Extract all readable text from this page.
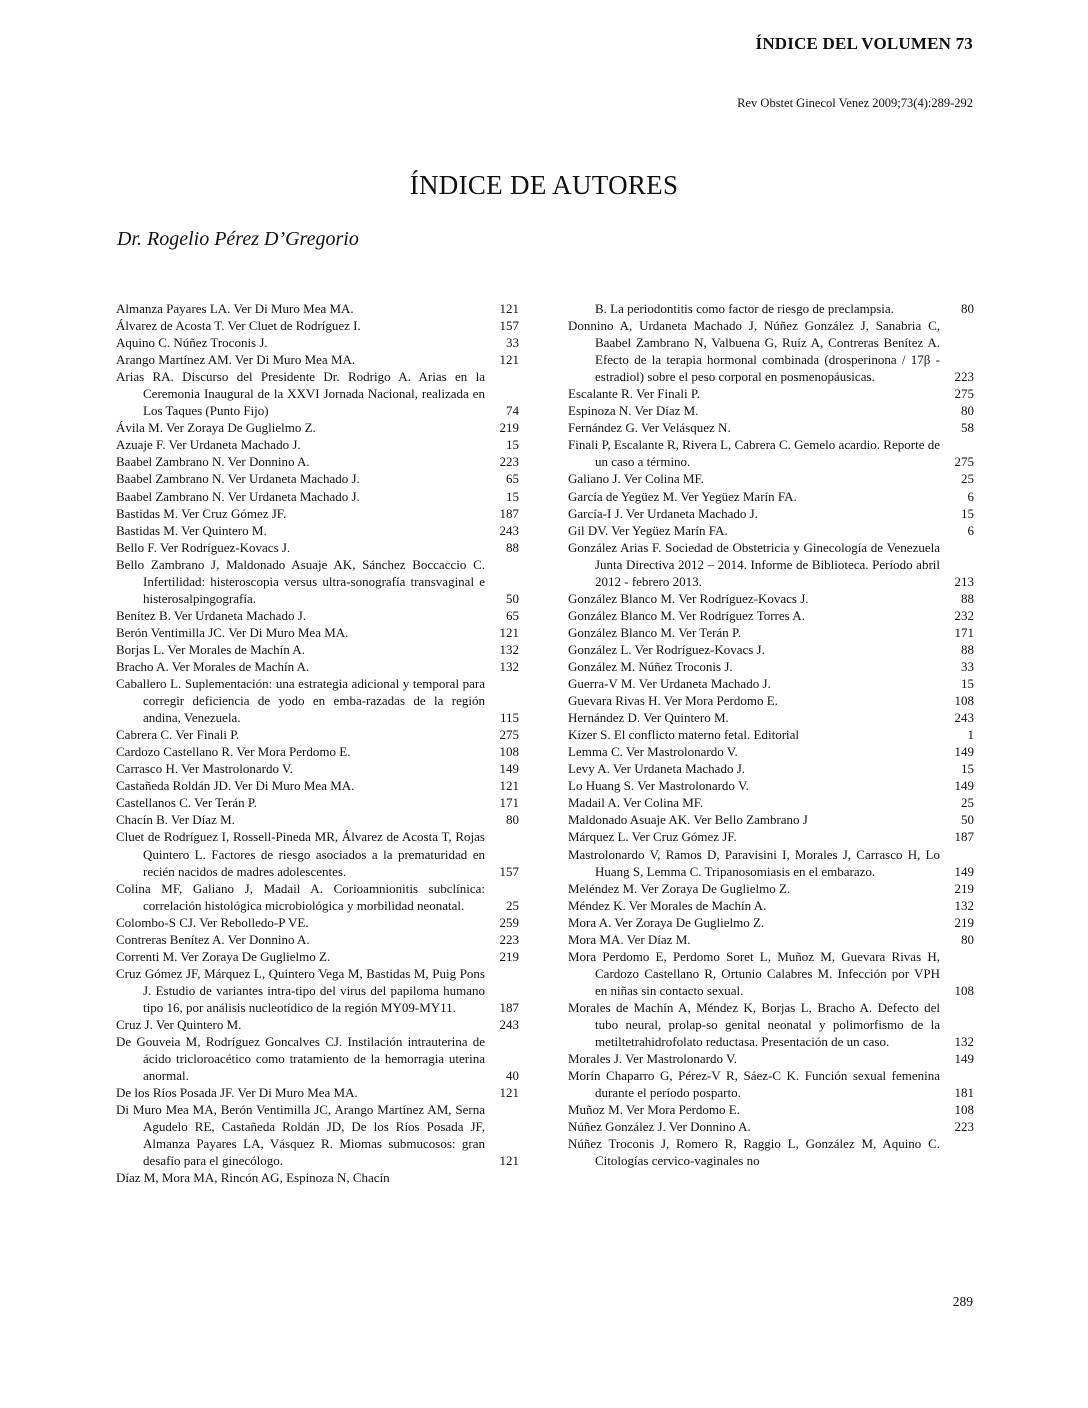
ÍNDICE DEL VOLUMEN 73
Rev Obstet Ginecol Venez 2009;73(4):289-292
ÍNDICE DE AUTORES
Dr. Rogelio Pérez D’Gregorio
Almanza Payares LA. Ver Di Muro Mea MA.	121
Álvarez de Acosta T. Ver Cluet de Rodríguez I.	157
Aquino C. Núñez Troconis J.	33
Arango Martínez AM. Ver Di Muro Mea MA.	121
Arias RA. Discurso del Presidente Dr. Rodrigo A. Arias en la Ceremonia Inaugural de la XXVI Jornada Nacional, realizada en Los Taques (Punto Fijo)	74
Ávila M. Ver Zoraya De Guglielmo Z.	219
Azuaje F. Ver Urdaneta Machado J.	15
Baabel Zambrano N. Ver Donnino A.	223
Baabel Zambrano N. Ver Urdaneta Machado J.	65
Baabel Zambrano N. Ver Urdaneta Machado J.	15
Bastidas M. Ver Cruz Gómez JF.	187
Bastidas M. Ver Quintero M.	243
Bello F. Ver Rodríguez-Kovacs J.	88
Bello Zambrano J, Maldonado Asuaje AK, Sánchez Boccaccio C. Infertilidad: histeroscopia versus ultra-sonografía transvaginal e histerosalpingografía.	50
Benítez B. Ver Urdaneta Machado J.	65
Berón Ventimilla JC. Ver Di Muro Mea MA.	121
Borjas L. Ver Morales de Machín A.	132
Bracho A. Ver Morales de Machín A.	132
Caballero L. Suplementación: una estrategia adicional y temporal para corregir deficiencia de yodo en emba-razadas de la región andina, Venezuela.	115
Cabrera C. Ver Finali P.	275
Cardozo Castellano R. Ver Mora Perdomo E.	108
Carrasco H. Ver Mastrolonardo V.	149
Castañeda Roldán JD. Ver Di Muro Mea MA.	121
Castellanos C. Ver Terán P.	171
Chacín B. Ver Díaz M.	80
Cluet de Rodríguez I, Rossell-Pineda MR, Álvarez de Acosta T, Rojas Quintero L. Factores de riesgo asociados a la prematuridad en recién nacidos de madres adolescentes.	157
Colina MF, Galiano J, Madail A. Corioamnionitis subclínica: correlación histológica microbiológica y morbilidad neonatal.	25
Colombo-S CJ. Ver Rebolledo-P VE.	259
Contreras Benítez A. Ver Donnino A.	223
Correnti M. Ver Zoraya De Guglielmo Z.	219
Cruz Gómez JF, Márquez L, Quintero Vega M, Bastidas M, Puig Pons J. Estudio de variantes intra-tipo del virus del papiloma humano tipo 16, por análisis nucleotídico de la región MY09-MY11.	187
Cruz J. Ver Quintero M.	243
De Gouveia M, Rodríguez Goncalves CJ. Instilación intrauterina de ácido tricloroacético como tratamiento de la hemorragia uterina anormal.	40
De los Ríos Posada JF. Ver Di Muro Mea MA.	121
Di Muro Mea MA, Berón Ventimilla JC, Arango Martínez AM, Serna Agudelo RE, Castañeda Roldán JD, De los Ríos Posada JF, Almanza Payares LA, Vásquez R. Miomas submucosos: gran desafío para el ginecólogo.	121
Díaz M, Mora MA, Rincón AG, Espinoza N, Chacín
B. La periodontitis como factor de riesgo de preclampsia.	80
Donnino A, Urdaneta Machado J, Núñez González J, Sanabria C, Baabel Zambrano N, Valbuena G, Ruíz A, Contreras Benítez A. Efecto de la terapia hormonal combinada (drosperinona / 17β -estradiol) sobre el peso corporal en posmenopáusicas.	223
Escalante R. Ver Finali P.	275
Espinoza N. Ver Díaz M.	80
Fernández G. Ver Velásquez N.	58
Finali P, Escalante R, Rivera L, Cabrera C. Gemelo acardio. Reporte de un caso a término.	275
Galiano J. Ver Colina MF.	25
García de Yegüez M. Ver Yegüez Marín FA.	6
García-I J. Ver Urdaneta Machado J.	15
Gil DV. Ver Yegüez Marín FA.	6
González Arias F. Sociedad de Obstetricia y Ginecología de Venezuela Junta Directiva 2012 – 2014. Informe de Biblioteca. Período abril 2012 - febrero 2013.	213
González Blanco M. Ver Rodríguez-Kovacs J.	88
González Blanco M. Ver Rodríguez Torres A.	232
González Blanco M. Ver Terán P.	171
González L. Ver Rodríguez-Kovacs J.	88
González M. Núñez Troconis J.	33
Guerra-V M. Ver Urdaneta Machado J.	15
Guevara Rivas H. Ver Mora Perdomo E.	108
Hernández D. Ver Quintero M.	243
Kízer S. El conflicto materno fetal. Editorial	1
Lemma C. Ver Mastrolonardo V.	149
Levy A. Ver Urdaneta Machado J.	15
Lo Huang S. Ver Mastrolonardo V.	149
Madail A. Ver Colina MF.	25
Maldonado Asuaje AK. Ver Bello Zambrano J	50
Márquez L. Ver Cruz Gómez JF.	187
Mastrolonardo V, Ramos D, Paravisini I, Morales J, Carrasco H, Lo Huang S, Lemma C. Tripanosomiasis en el embarazo.	149
Meléndez M. Ver Zoraya De Guglielmo Z.	219
Méndez K. Ver Morales de Machín A.	132
Mora A. Ver Zoraya De Guglielmo Z.	219
Mora MA. Ver Díaz M.	80
Mora Perdomo E, Perdomo Soret L, Muñoz M, Guevara Rivas H, Cardozo Castellano R, Ortunio Calabres M. Infección por VPH en niñas sin contacto sexual.	108
Morales de Machín A, Méndez K, Borjas L, Bracho A. Defecto del tubo neural, prolap-so genital neonatal y polimorfismo de la metiltetrahidrofolato reductasa. Presentación de un caso.	132
Morales J. Ver Mastrolonardo V.	149
Morín Chaparro G, Pérez-V R, Sáez-C K. Función sexual femenina durante el período posparto.	181
Muñoz M. Ver Mora Perdomo E.	108
Núñez González J. Ver Donnino A.	223
Núñez Troconis J, Romero R, Raggio L, González M, Aquino C. Citologías cervico-vaginales no
289
